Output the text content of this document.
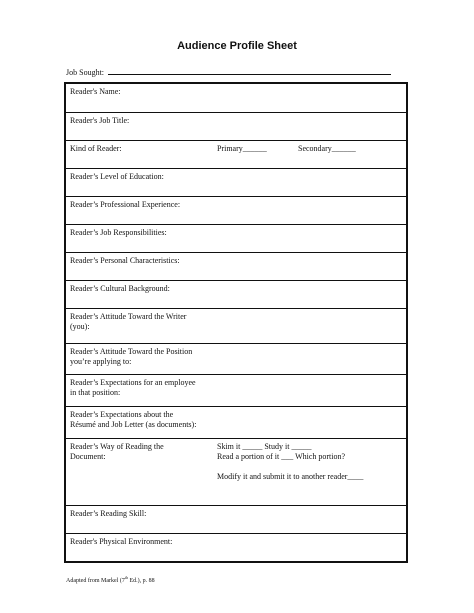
Audience Profile Sheet
Job Sought:
Reader's Name:
Reader's Job Title:
Kind of Reader:	Primary______	Secondary______
Reader’s Level of Education:
Reader’s Professional Experience:
Reader’s Job Responsibilities:
Reader’s Personal Characteristics:
Reader’s Cultural Background:
Reader’s Attitude Toward the Writer
(you):
Reader’s Attitude Toward the Position
you’re applying to:
Reader’s Expectations for an employee
in that position:
Reader’s Expectations about the
Résumé and Job Letter (as documents):
Reader’s Way of Reading the
Document:
Skim it _____ Study it _____
Read a portion of it ___ Which portion?
Modify it and submit it to another reader____
Reader’s Reading Skill:
Reader's Physical Environment:
Adapted from Markel (7th Ed.), p. 88
